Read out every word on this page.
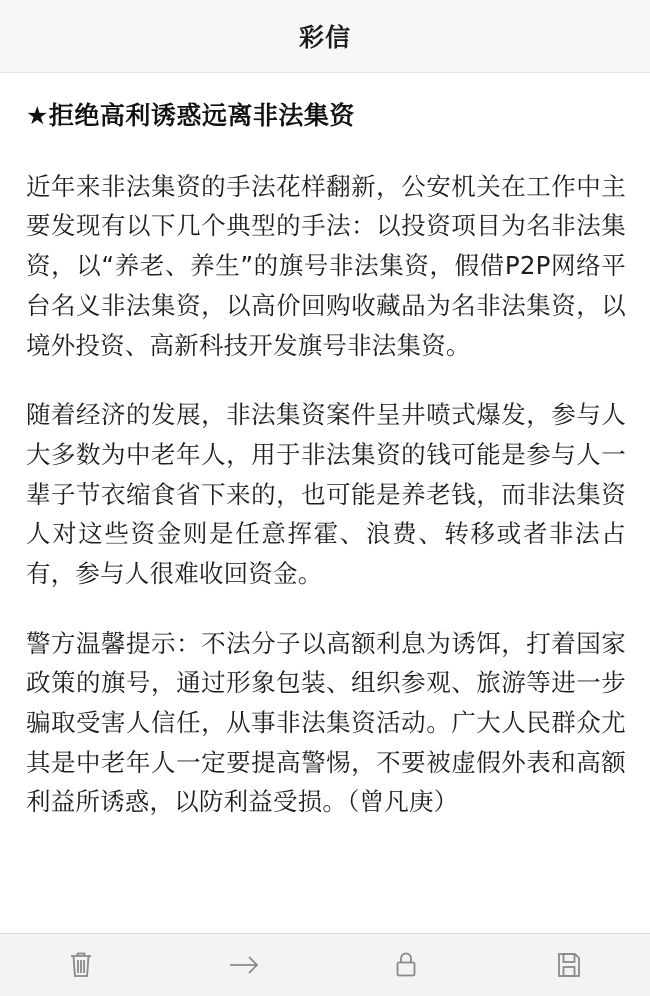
彩信
★拒绝高利诱惑远离非法集资

近年来非法集资的手法花样翻新，公安机关在工作中主要发现有以下几个典型的手法：以投资项目为名非法集资，以“养老、养生”的旗号非法集资，假借P2P网络平台名义非法集资，以高价回购收藏品为名非法集资，以境外投资、高新科技开发旗号非法集资。

随着经济的发展，非法集资案件呈井喷式爆发，参与人大多数为中老年人，用于非法集资的钱可能是参与人一辈子节衣缩食省下来的，也可能是养老钱，而非法集资人对这些资金则是任意挥霍、浪费、转移或者非法占有，参与人很难收回资金。

警方温馨提示：不法分子以高额利息为诱饵，打着国家政策的旗号，通过形象包装、组织参观、旅游等进一步骗取受害人信任，从事非法集资活动。广大人民群众尤其是中老年人一定要提高警惕，不要被虚假外表和高额利益所诱惑，以防利益受损。（曾凡庚）
